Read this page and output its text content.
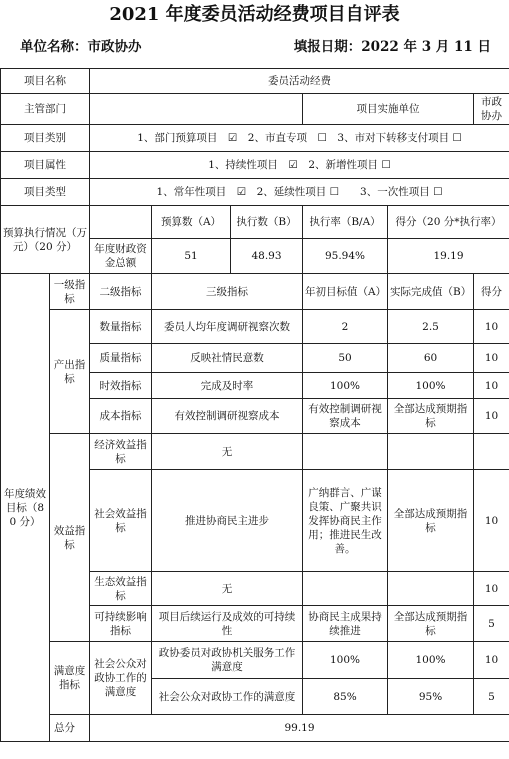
2021 年度委员活动经费项目自评表
单位名称：市政协办	填报日期：2022 年 3 月 11 日
项目名称		委员活动经费					
主管部门					项目实施单位		市政协办
项目类别		1、部门预算项目　☑　2、市直专项　☐　3、市对下转移支付项目 ☐					
项目属性		1、持续性项目　☑　2、新增性项目 ☐					
项目类型		1、常年性项目　☑　2、延续性项目 ☐　　3、一次性项目 ☐					
预算执行情况（万元）（20 分）			预算数（A）	执行数（B）	执行率（B/A）	得分（20 分*执行率）	
		年度财政资金总额	51	48.93	95.94%	19.19	
年度绩效目标（80 分）	一级指标	二级指标	三级指标		年初目标值（A）	实际完成值（B）	得分
	产出指标	数量指标	委员人均年度调研视察次数		2	2.5	10
		质量指标	反映社情民意数		50	60	10
		时效指标	完成及时率		100%	100%	10
		成本指标	有效控制调研视察成本		有效控制调研视察成本	全部达成预期指标	10
	效益指标	经济效益指标	无				
		社会效益指标	推进协商民主进步		广纳群言、广谋良策、广聚共识发挥协商民主作用；推进民生改善。	全部达成预期指标	10
		生态效益指标	无				10
		可持续影响指标	项目后续运行及成效的可持续性		协商民主成果持续推进	全部达成预期指标	5
	满意度指标	社会公众对政协工作的满意度	政协委员对政协机关服务工作满意度		100%	100%	10
			社会公众对政协工作的满意度		85%	95%	5
	总分	99.19					
